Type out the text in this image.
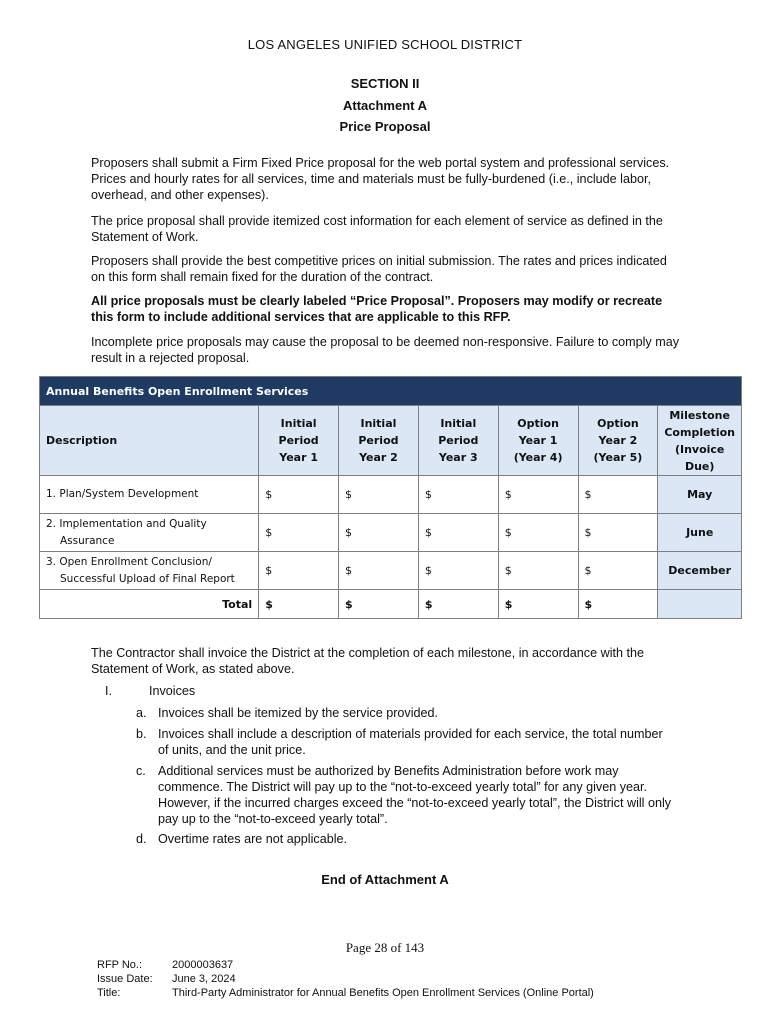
LOS ANGELES UNIFIED SCHOOL DISTRICT
SECTION II
Attachment A
Price Proposal

Proposers shall submit a Firm Fixed Price proposal for the web portal system and professional services. Prices and hourly rates for all services, time and materials must be fully-burdened (i.e., include labor, overhead, and other expenses).

The price proposal shall provide itemized cost information for each element of service as defined in the Statement of Work.

Proposers shall provide the best competitive prices on initial submission. The rates and prices indicated on this form shall remain fixed for the duration of the contract.

All price proposals must be clearly labeled “Price Proposal”. Proposers may modify or recreate this form to include additional services that are applicable to this RFP.

Incomplete price proposals may cause the proposal to be deemed non-responsive. Failure to comply may result in a rejected proposal.

Annual Benefits Open Enrollment Services						
Description	Initial
Period
Year 1	Initial
Period
Year 2	Initial
Period
Year 3	Option
Year 1
(Year 4)	Option
Year 2
(Year 5)	Milestone
Completion
(Invoice Due)
1. Plan/System Development	$	$	$	$	$	May
2. Implementation and Quality
Assurance	$	$	$	$	$	June
3. Open Enrollment Conclusion/
Successful Upload of Final Report	$	$	$	$	$	December
Total	$	$	$	$	$	

The Contractor shall invoice the District at the completion of each milestone, in accordance with the Statement of Work, as stated above.

I.	Invoices
a. Invoices shall be itemized by the service provided.
b. Invoices shall include a description of materials provided for each service, the total number of units, and the unit price.
c. Additional services must be authorized by Benefits Administration before work may commence. The District will pay up to the “not-to-exceed yearly total” for any given year. However, if the incurred charges exceed the “not-to-exceed yearly total”, the District will only pay up to the “not-to-exceed yearly total”.
d. Overtime rates are not applicable.
End of Attachment A
Page 28 of 143
RFP No.:	2000003637
Issue Date: June 3, 2024
Title:	Third-Party Administrator for Annual Benefits Open Enrollment Services (Online Portal)
